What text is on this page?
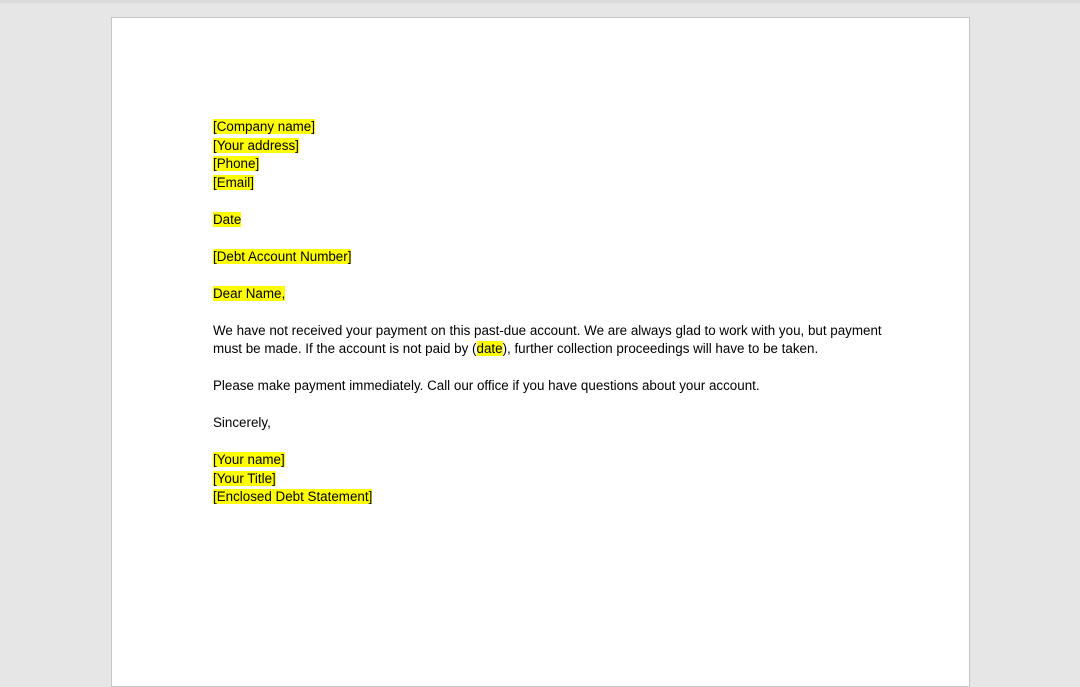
[Company name]
[Your address]
[Phone]
[Email]
Date
[Debt Account Number]
Dear Name,
We have not received your payment on this past-due account. We are always glad to work with you, but payment
must be made. If the account is not paid by (date), further collection proceedings will have to be taken.
Please make payment immediately. Call our office if you have questions about your account.
Sincerely,
[Your name]
[Your Title]
[Enclosed Debt Statement]
